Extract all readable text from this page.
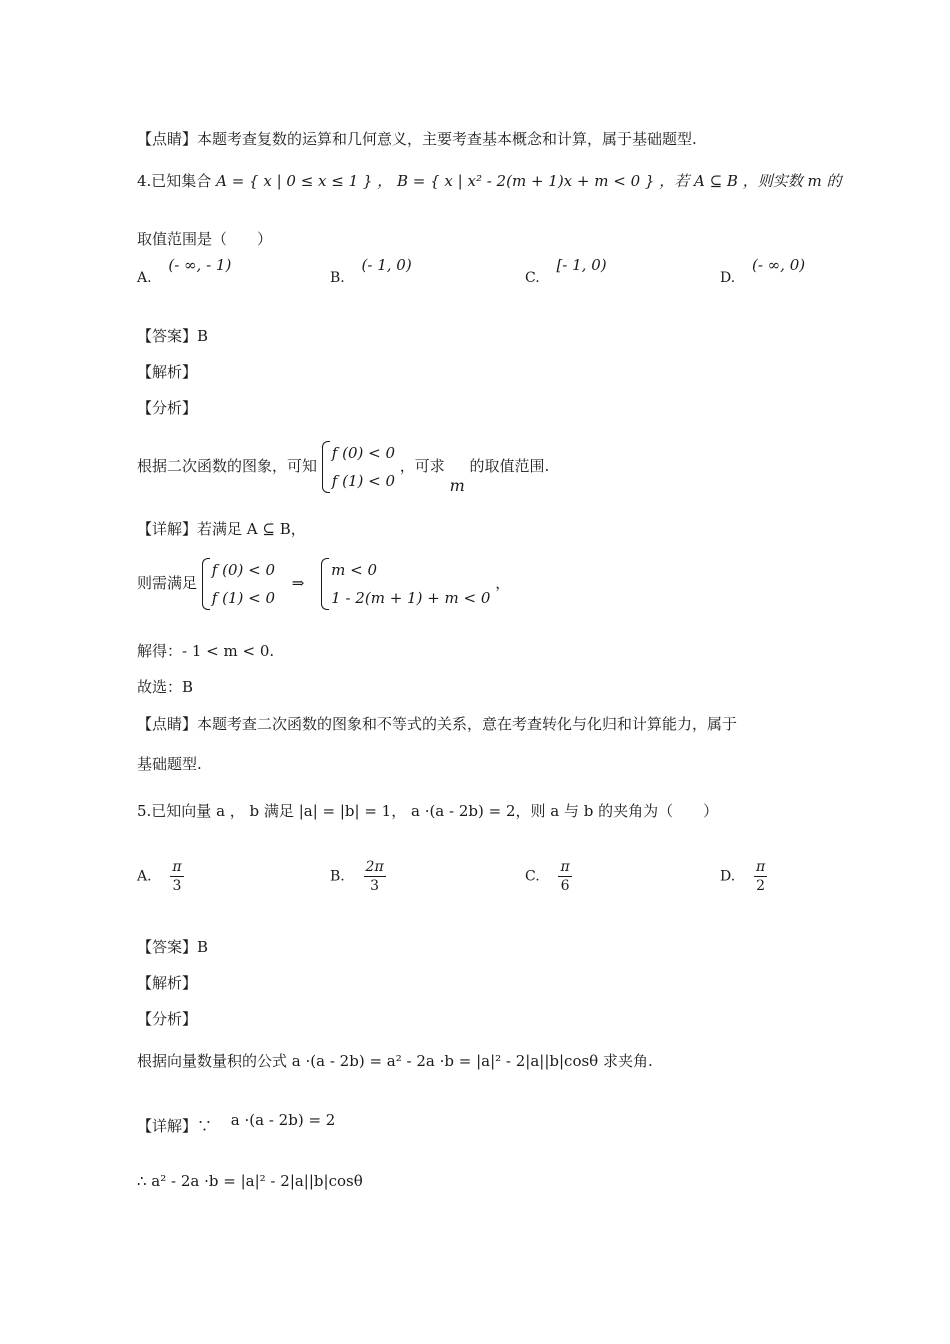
【点睛】本题考查复数的运算和几何意义，主要考查基本概念和计算，属于基础题型.
4.已知集合 A = { x | 0 ≤ x ≤ 1 } ， B = { x | x² - 2(m + 1)x + m < 0 } ，若 A ⊆ B ，则实数 m 的
取值范围是（　　）
A. (- ∞, - 1)
B. (- 1, 0)
C. [- 1, 0)
D. (- ∞, 0)
【答案】B
【解析】
【分析】
根据二次函数的图象，可知
f (0) < 0
f (1) < 0
，可求 m 的取值范围.
【详解】若满足 A ⊆ B，
则需满足
f (0) < 0
f (1) < 0
⇒
m < 0
1 - 2(m + 1) + m < 0
，
解得：- 1 < m < 0.
故选：B
【点睛】本题考查二次函数的图象和不等式的关系，意在考查转化与化归和计算能力，属于
基础题型.
5.已知向量 a ， b 满足 |a| = |b| = 1， a ·(a - 2b) = 2，则 a 与 b 的夹角为（　　）
A. $\frac{\pi}{3}$	B. $\frac{2\pi}{3}$	C. $\frac{\pi}{6}$	D. $\frac{\pi}{2}$
【答案】B
【解析】
【分析】
根据向量数量积的公式 a ·(a - 2b) = a² - 2a ·b = |a|² - 2|a||b|cosθ 求夹角.
【详解】∵ a ·(a - 2b) = 2
∴ a² - 2a ·b = |a|² - 2|a||b|cosθ
